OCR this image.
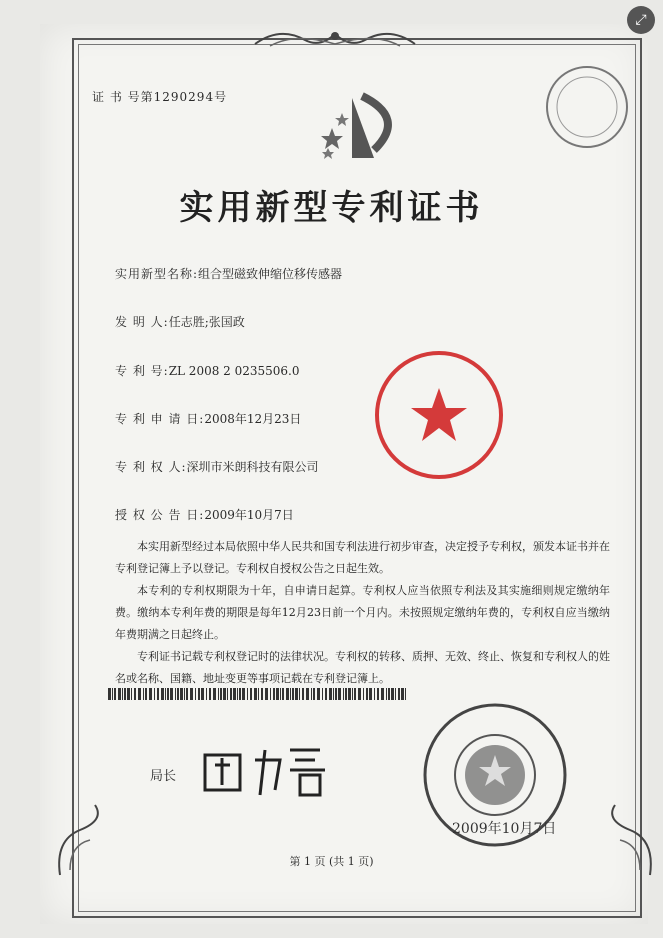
证 书 号第1290294号
实用新型专利证书
实用新型名称:组合型磁致伸缩位移传感器
发 明 人:任志胜;张国政
专 利 号:ZL 2008 2 0235506.0
专 利 申 请 日:2008年12月23日
专 利 权 人:深圳市米朗科技有限公司
授 权 公 告 日:2009年10月7日
本实用新型经过本局依照中华人民共和国专利法进行初步审查，决定授予专利权，颁发本证书并在专利登记簿上予以登记。专利权自授权公告之日起生效。
本专利的专利权期限为十年，自申请日起算。专利权人应当依照专利法及其实施细则规定缴纳年费。缴纳本专利年费的期限是每年12月23日前一个月内。未按照规定缴纳年费的，专利权自应当缴纳年费期满之日起终止。
专利证书记载专利权登记时的法律状况。专利权的转移、质押、无效、终止、恢复和专利权人的姓名或名称、国籍、地址变更等事项记载在专利登记簿上。
局长
2009年10月7日
第 1 页 (共 1 页)
⤢
